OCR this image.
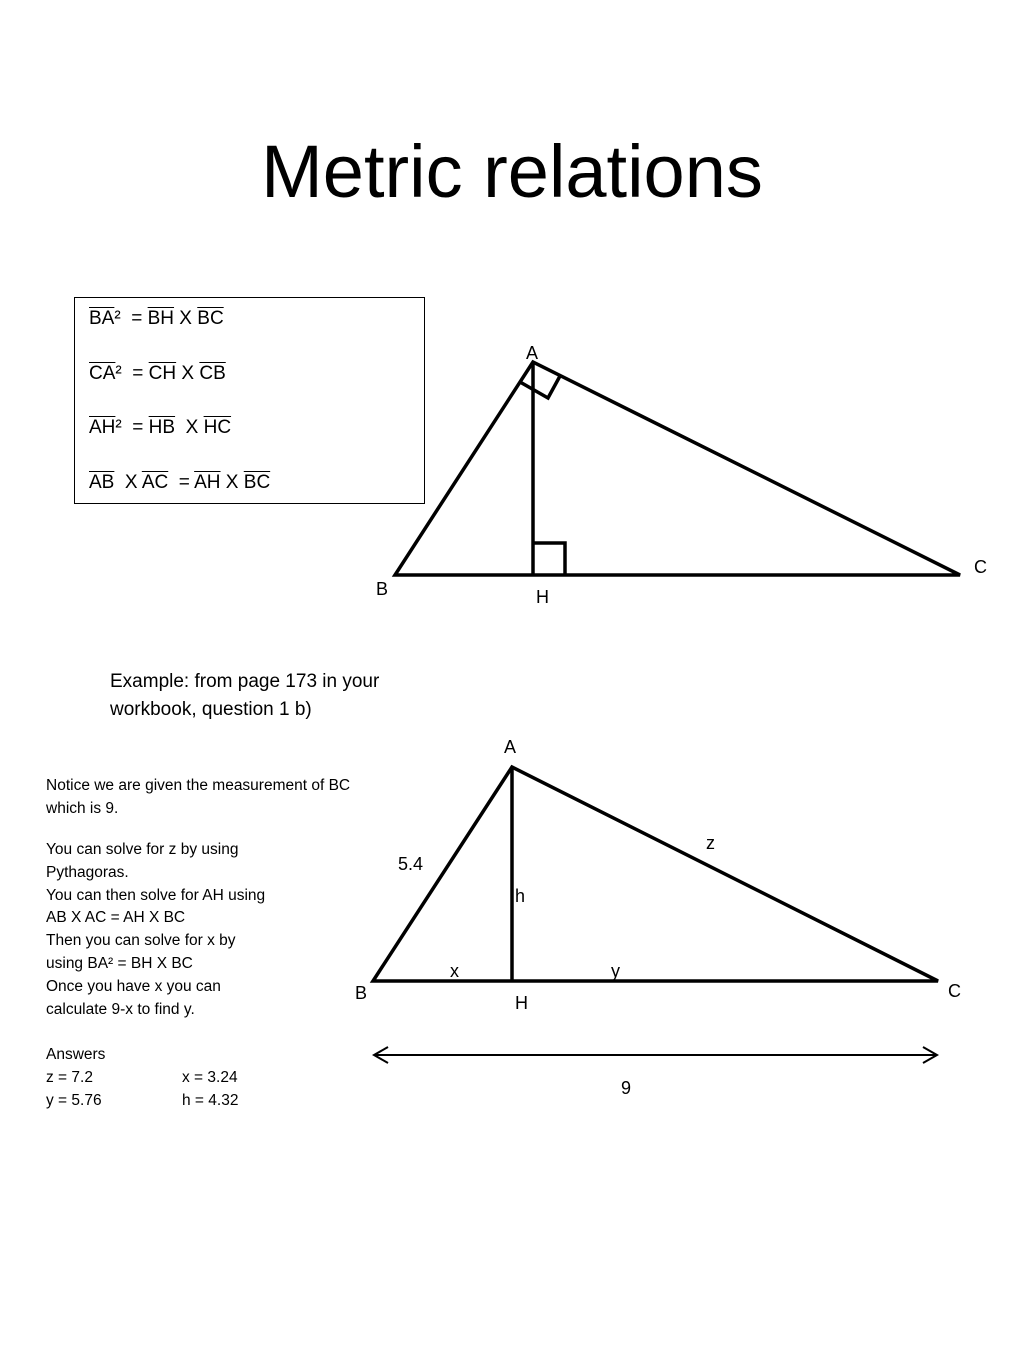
Metric relations
$\overline{BA}^2 = \overline{BH}$ X $\overline{BC}$
$\overline{CA}^2 = \overline{CH}$ X $\overline{CB}$
$\overline{AH}^2 = \overline{HB}$  X $\overline{HC}$
$\overline{AB}$  X $\overline{AC} = \overline{AH}$ X $\overline{BC}$
A
B
C
H
A
B	C
H
5.4
z
h
x	y
9
Example: from page 173 in your workbook, question 1 b)
Notice we are given the measurement of BC
which is 9.
You can solve for z by using
Pythagoras.
You can then solve for AH using
AB X AC = AH X BC
Then you can solve for x by
using BA² = BH X BC
Once you have x you can
calculate 9-x to find y.
Answers
z = 7.2	x = 3.24
y = 5.76	h = 4.32
